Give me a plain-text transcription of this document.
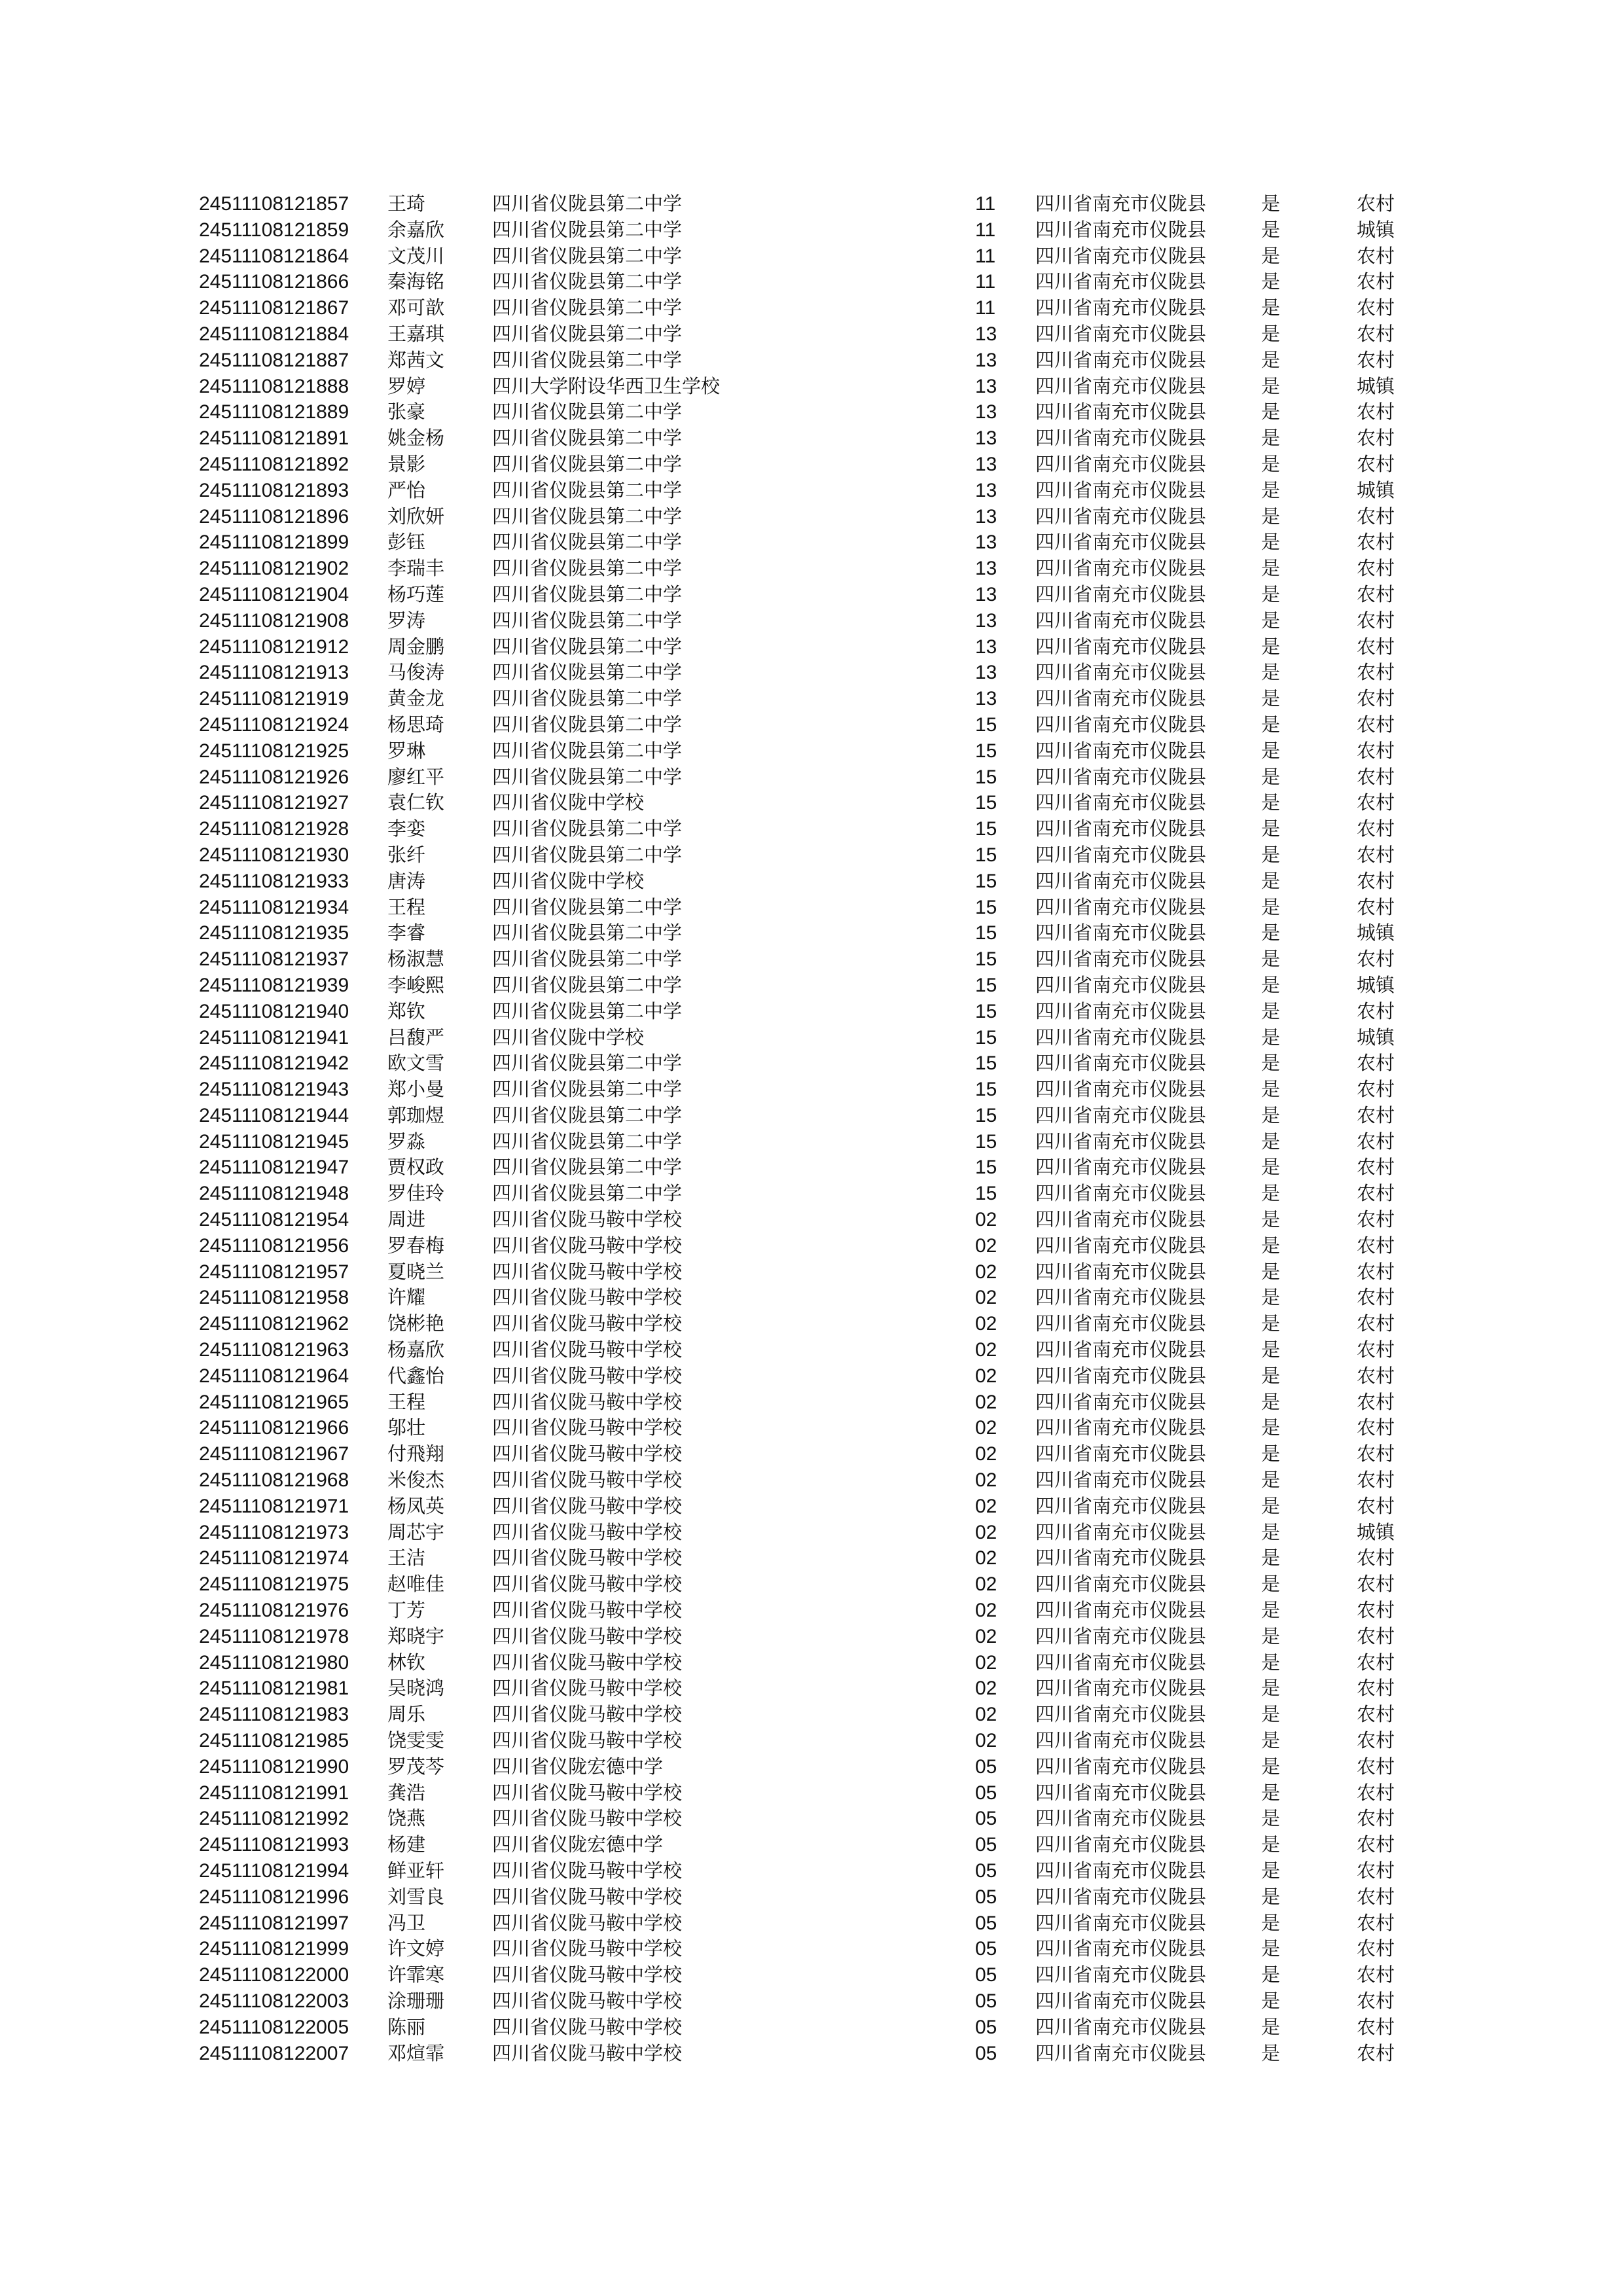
24511108121857 王琦	四川省仪陇县第二中学	11 四川省南充市仪陇县	是	农村
24511108121859 余嘉欣	四川省仪陇县第二中学	11 四川省南充市仪陇县	是	城镇
24511108121864 文茂川	四川省仪陇县第二中学	11 四川省南充市仪陇县	是	农村
24511108121866 秦海铭	四川省仪陇县第二中学	11 四川省南充市仪陇县	是	农村
24511108121867 邓可歆	四川省仪陇县第二中学	11 四川省南充市仪陇县	是	农村
24511108121884 王嘉琪	四川省仪陇县第二中学	13 四川省南充市仪陇县	是	农村
24511108121887 郑茜文	四川省仪陇县第二中学	13 四川省南充市仪陇县	是	农村
24511108121888 罗婷	四川大学附设华西卫生学校	13 四川省南充市仪陇县	是	城镇
24511108121889 张豪	四川省仪陇县第二中学	13 四川省南充市仪陇县	是	农村
24511108121891 姚金杨	四川省仪陇县第二中学	13 四川省南充市仪陇县	是	农村
24511108121892 景影	四川省仪陇县第二中学	13 四川省南充市仪陇县	是	农村
24511108121893 严怡	四川省仪陇县第二中学	13 四川省南充市仪陇县	是	城镇
24511108121896 刘欣妍	四川省仪陇县第二中学	13 四川省南充市仪陇县	是	农村
24511108121899 彭钰	四川省仪陇县第二中学	13 四川省南充市仪陇县	是	农村
24511108121902 李瑞丰	四川省仪陇县第二中学	13 四川省南充市仪陇县	是	农村
24511108121904 杨巧莲	四川省仪陇县第二中学	13 四川省南充市仪陇县	是	农村
24511108121908 罗涛	四川省仪陇县第二中学	13 四川省南充市仪陇县	是	农村
24511108121912 周金鹏	四川省仪陇县第二中学	13 四川省南充市仪陇县	是	农村
24511108121913 马俊涛	四川省仪陇县第二中学	13 四川省南充市仪陇县	是	农村
24511108121919 黄金龙	四川省仪陇县第二中学	13 四川省南充市仪陇县	是	农村
24511108121924 杨思琦	四川省仪陇县第二中学	15 四川省南充市仪陇县	是	农村
24511108121925 罗琳	四川省仪陇县第二中学	15 四川省南充市仪陇县	是	农村
24511108121926 廖红平	四川省仪陇县第二中学	15 四川省南充市仪陇县	是	农村
24511108121927 袁仁钦	四川省仪陇中学校	15 四川省南充市仪陇县	是	农村
24511108121928 李娈	四川省仪陇县第二中学	15 四川省南充市仪陇县	是	农村
24511108121930 张纤	四川省仪陇县第二中学	15 四川省南充市仪陇县	是	农村
24511108121933 唐涛	四川省仪陇中学校	15 四川省南充市仪陇县	是	农村
24511108121934 王程	四川省仪陇县第二中学	15 四川省南充市仪陇县	是	农村
24511108121935 李睿	四川省仪陇县第二中学	15 四川省南充市仪陇县	是	城镇
24511108121937 杨淑慧	四川省仪陇县第二中学	15 四川省南充市仪陇县	是	农村
24511108121939 李峻熙	四川省仪陇县第二中学	15 四川省南充市仪陇县	是	城镇
24511108121940 郑钦	四川省仪陇县第二中学	15 四川省南充市仪陇县	是	农村
24511108121941 吕馥严	四川省仪陇中学校	15 四川省南充市仪陇县	是	城镇
24511108121942 欧文雪	四川省仪陇县第二中学	15 四川省南充市仪陇县	是	农村
24511108121943 郑小曼	四川省仪陇县第二中学	15 四川省南充市仪陇县	是	农村
24511108121944 郭珈煜	四川省仪陇县第二中学	15 四川省南充市仪陇县	是	农村
24511108121945 罗淼	四川省仪陇县第二中学	15 四川省南充市仪陇县	是	农村
24511108121947 贾权政	四川省仪陇县第二中学	15 四川省南充市仪陇县	是	农村
24511108121948 罗佳玲	四川省仪陇县第二中学	15 四川省南充市仪陇县	是	农村
24511108121954 周进	四川省仪陇马鞍中学校	02 四川省南充市仪陇县	是	农村
24511108121956 罗春梅	四川省仪陇马鞍中学校	02 四川省南充市仪陇县	是	农村
24511108121957 夏晓兰	四川省仪陇马鞍中学校	02 四川省南充市仪陇县	是	农村
24511108121958 许耀	四川省仪陇马鞍中学校	02 四川省南充市仪陇县	是	农村
24511108121962 饶彬艳	四川省仪陇马鞍中学校	02 四川省南充市仪陇县	是	农村
24511108121963 杨嘉欣	四川省仪陇马鞍中学校	02 四川省南充市仪陇县	是	农村
24511108121964 代鑫怡	四川省仪陇马鞍中学校	02 四川省南充市仪陇县	是	农村
24511108121965 王程	四川省仪陇马鞍中学校	02 四川省南充市仪陇县	是	农村
24511108121966 邬壮	四川省仪陇马鞍中学校	02 四川省南充市仪陇县	是	农村
24511108121967 付飛翔	四川省仪陇马鞍中学校	02 四川省南充市仪陇县	是	农村
24511108121968 米俊杰	四川省仪陇马鞍中学校	02 四川省南充市仪陇县	是	农村
24511108121971 杨凤英	四川省仪陇马鞍中学校	02 四川省南充市仪陇县	是	农村
24511108121973 周芯宇	四川省仪陇马鞍中学校	02 四川省南充市仪陇县	是	城镇
24511108121974 王洁	四川省仪陇马鞍中学校	02 四川省南充市仪陇县	是	农村
24511108121975 赵唯佳	四川省仪陇马鞍中学校	02 四川省南充市仪陇县	是	农村
24511108121976 丁芳	四川省仪陇马鞍中学校	02 四川省南充市仪陇县	是	农村
24511108121978 郑晓宇	四川省仪陇马鞍中学校	02 四川省南充市仪陇县	是	农村
24511108121980 林钦	四川省仪陇马鞍中学校	02 四川省南充市仪陇县	是	农村
24511108121981 吴晓鸿	四川省仪陇马鞍中学校	02 四川省南充市仪陇县	是	农村
24511108121983 周乐	四川省仪陇马鞍中学校	02 四川省南充市仪陇县	是	农村
24511108121985 饶雯雯	四川省仪陇马鞍中学校	02 四川省南充市仪陇县	是	农村
24511108121990 罗茂芩	四川省仪陇宏德中学	05 四川省南充市仪陇县	是	农村
24511108121991 龚浩	四川省仪陇马鞍中学校	05 四川省南充市仪陇县	是	农村
24511108121992 饶燕	四川省仪陇马鞍中学校	05 四川省南充市仪陇县	是	农村
24511108121993 杨建	四川省仪陇宏德中学	05 四川省南充市仪陇县	是	农村
24511108121994 鲜亚轩	四川省仪陇马鞍中学校	05 四川省南充市仪陇县	是	农村
24511108121996 刘雪良	四川省仪陇马鞍中学校	05 四川省南充市仪陇县	是	农村
24511108121997 冯卫	四川省仪陇马鞍中学校	05 四川省南充市仪陇县	是	农村
24511108121999 许文婷	四川省仪陇马鞍中学校	05 四川省南充市仪陇县	是	农村
24511108122000 许霏寒	四川省仪陇马鞍中学校	05 四川省南充市仪陇县	是	农村
24511108122003 涂珊珊	四川省仪陇马鞍中学校	05 四川省南充市仪陇县	是	农村
24511108122005 陈丽	四川省仪陇马鞍中学校	05 四川省南充市仪陇县	是	农村
24511108122007 邓煊霏	四川省仪陇马鞍中学校	05 四川省南充市仪陇县	是	农村
